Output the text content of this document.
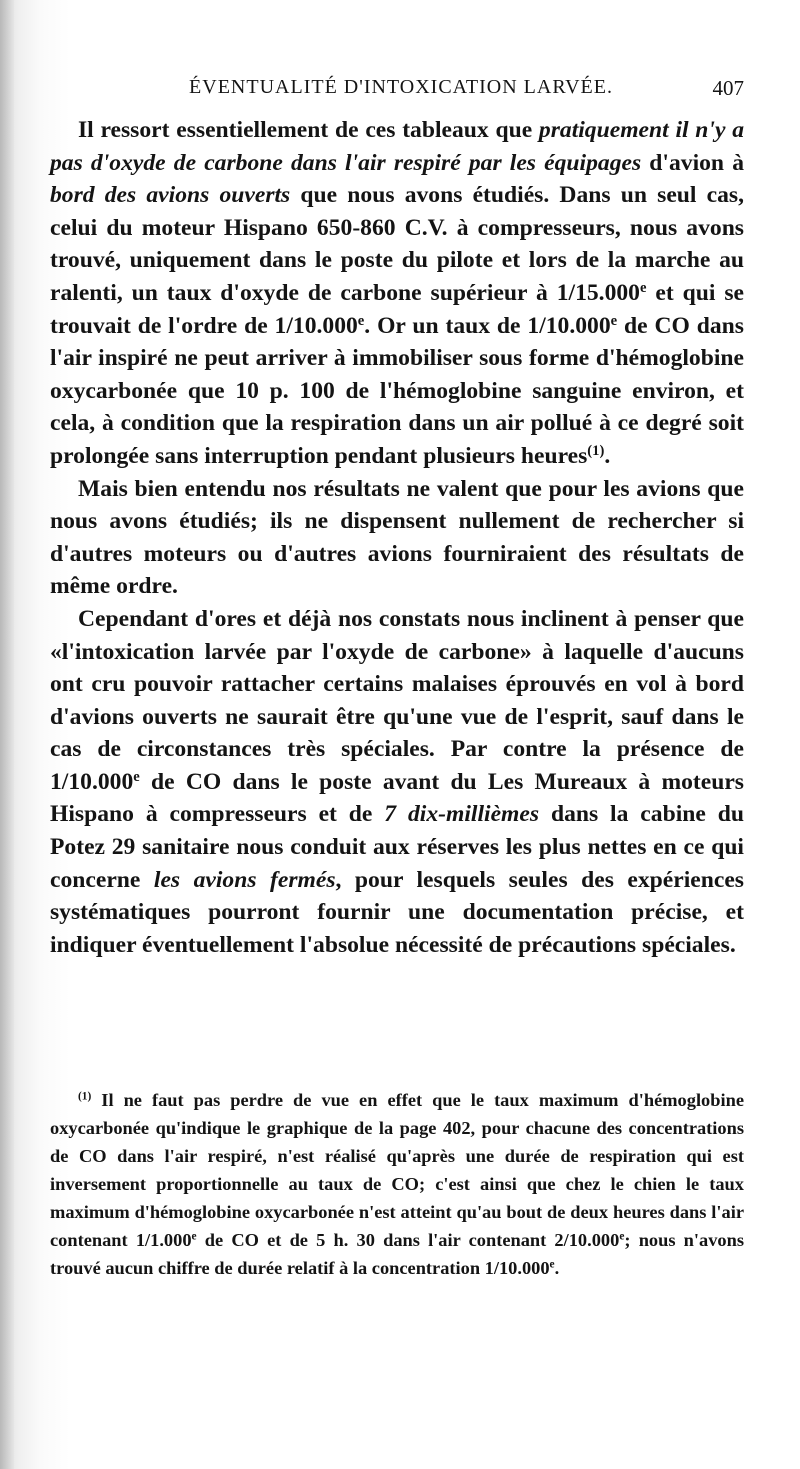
ÉVENTUALITÉ D'INTOXICATION LARVÉE.	407

Il ressort essentiellement de ces tableaux que pratiquement il n'y a pas d'oxyde de carbone dans l'air respiré par les équipages d'avion à bord des avions ouverts que nous avons étudiés. Dans un seul cas, celui du moteur Hispano 650-860 C.V. à compresseurs, nous avons trouvé, uniquement dans le poste du pilote et lors de la marche au ralenti, un taux d'oxyde de carbone supérieur à 1/15.000e et qui se trouvait de l'ordre de 1/10.000e. Or un taux de 1/10.000e de CO dans l'air inspiré ne peut arriver à immobiliser sous forme d'hémoglobine oxycarbonée que 10 p. 100 de l'hémoglobine sanguine environ, et cela, à condition que la respiration dans un air pollué à ce degré soit prolongée sans interruption pendant plusieurs heures$^{(1)}$.

Mais bien entendu nos résultats ne valent que pour les avions que nous avons étudiés; ils ne dispensent nullement de rechercher si d'autres moteurs ou d'autres avions fourniraient des résultats de même ordre.

Cependant d'ores et déjà nos constats nous inclinent à penser que «l'intoxication larvée par l'oxyde de carbone» à laquelle d'aucuns ont cru pouvoir rattacher certains malaises éprouvés en vol à bord d'avions ouverts ne saurait être qu'une vue de l'esprit, sauf dans le cas de circonstances très spéciales. Par contre la présence de 1/10.000e de CO dans le poste avant du Les Mureaux à moteurs Hispano à compresseurs et de 7 dix-millièmes dans la cabine du Potez 29 sanitaire nous conduit aux réserves les plus nettes en ce qui concerne les avions fermés, pour lesquels seules des expériences systématiques pourront fournir une documentation précise, et indiquer éventuellement l'absolue nécessité de précautions spéciales.

$^{(1)}$ Il ne faut pas perdre de vue en effet que le taux maximum d'hémoglobine oxycarbonée qu'indique le graphique de la page 402, pour chacune des concentrations de CO dans l'air respiré, n'est réalisé qu'après une durée de respiration qui est inversement proportionnelle au taux de CO; c'est ainsi que chez le chien le taux maximum d'hémoglobine oxycarbonée n'est atteint qu'au bout de deux heures dans l'air contenant 1/1.000e de CO et de 5 h. 30 dans l'air contenant 2/10.000e; nous n'avons trouvé aucun chiffre de durée relatif à la concentration 1/10.000e.
